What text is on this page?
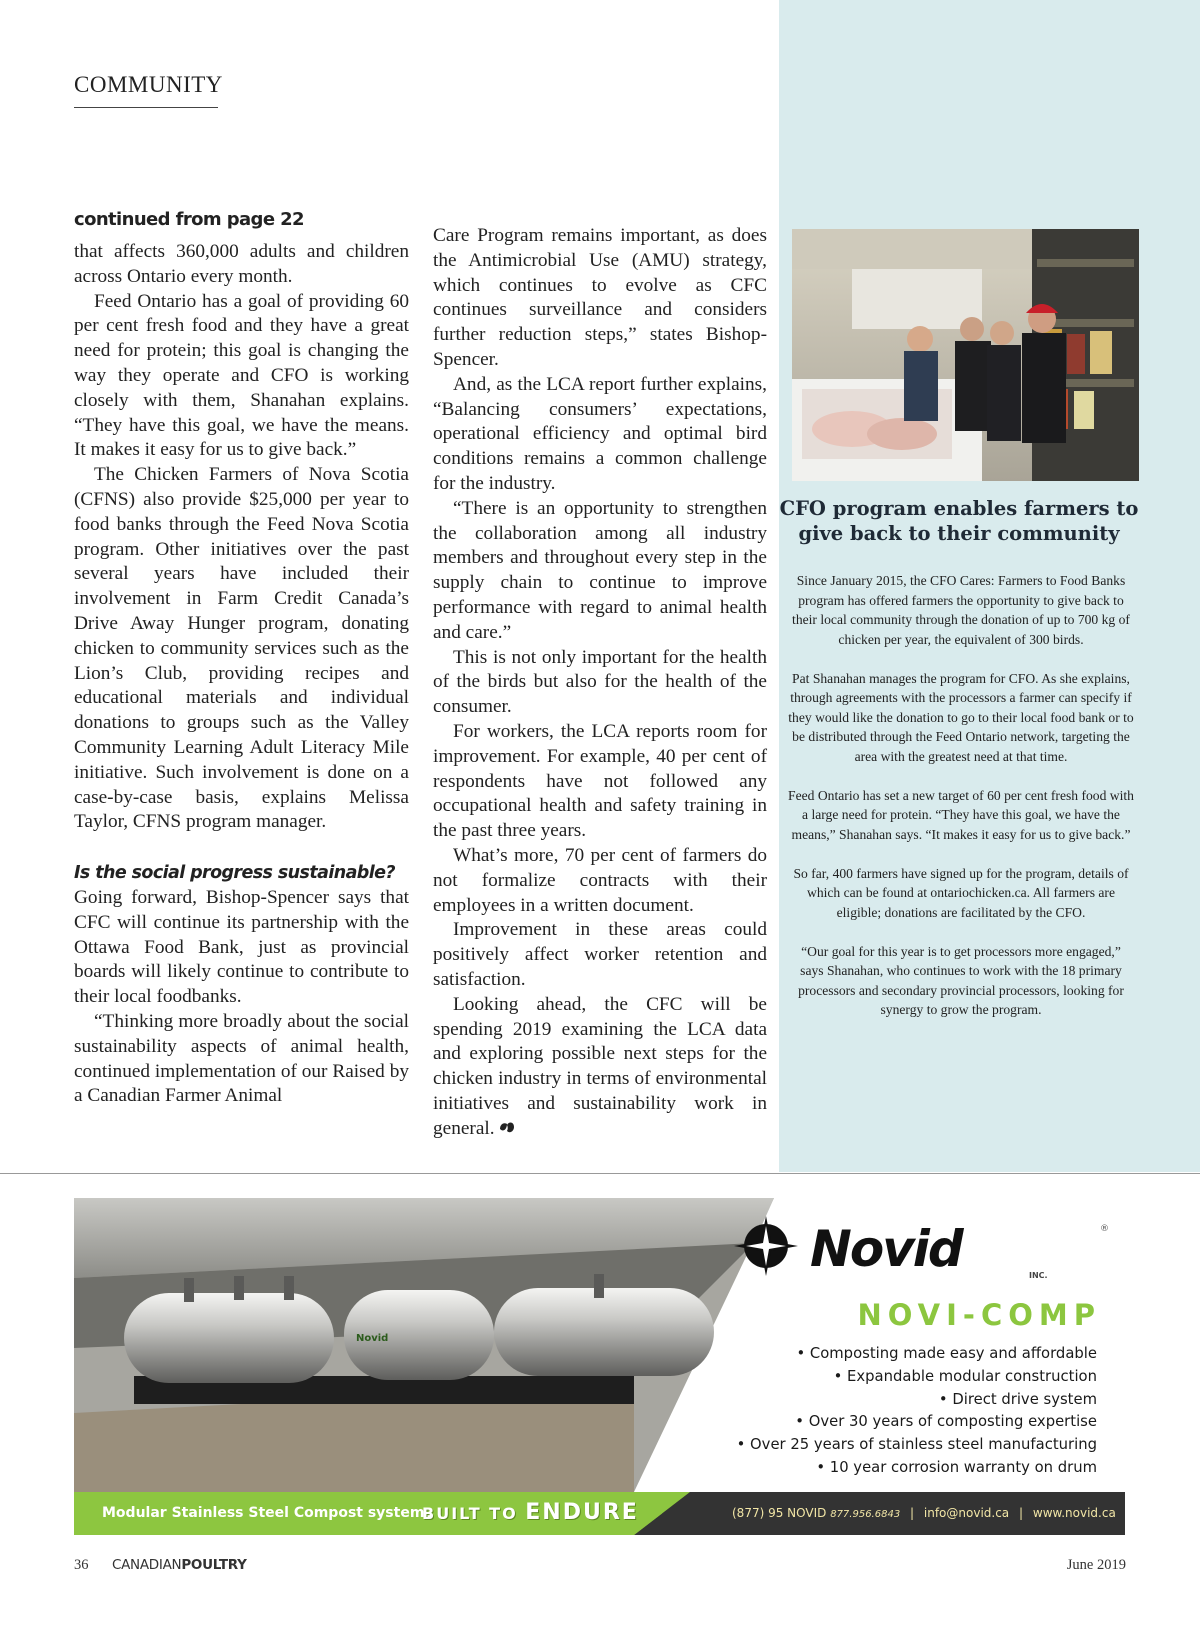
COMMUNITY

continued from page 22

that affects 360,000 adults and children across Ontario every month.

Feed Ontario has a goal of providing 60 per cent fresh food and they have a great need for protein; this goal is changing the way they operate and CFO is working closely with them, Shanahan explains. “They have this goal, we have the means. It makes it easy for us to give back.”

The Chicken Farmers of Nova Scotia (CFNS) also provide $25,000 per year to food banks through the Feed Nova Scotia program. Other initiatives over the past several years have included their involvement in Farm Credit Canada’s Drive Away Hunger program, donating chicken to community services such as the Lion’s Club, providing recipes and educational materials and individual donations to groups such as the Valley Community Learning Adult Literacy Mile initiative. Such involvement is done on a case-by-case basis, explains Melissa Taylor, CFNS program manager.

Is the social progress sustainable?

Going forward, Bishop-Spencer says that CFC will continue its partnership with the Ottawa Food Bank, just as provincial boards will likely continue to contribute to their local foodbanks.

“Thinking more broadly about the social sustainability aspects of animal health, continued implementation of our Raised by a Canadian Farmer Animal

Care Program remains important, as does the Antimicrobial Use (AMU) strategy, which continues to evolve as CFC continues surveillance and considers further reduction steps,” states Bishop-Spencer.

And, as the LCA report further explains, “Balancing consumers’ expectations, operational efficiency and optimal bird conditions remains a common challenge for the industry.

“There is an opportunity to strengthen the collaboration among all industry members and throughout every step in the supply chain to continue to improve performance with regard to animal health and care.”

This is not only important for the health of the birds but also for the health of the consumer.

For workers, the LCA reports room for improvement. For example, 40 per cent of respondents have not followed any occupational health and safety training in the past three years.

What’s more, 70 per cent of farmers do not formalize contracts with their employees in a written document.

Improvement in these areas could positively affect worker retention and satisfaction.

Looking ahead, the CFC will be spending 2019 examining the LCA data and exploring possible next steps for the chicken industry in terms of environmental initiatives and sustainability work in general.

CFO program enables farmers to give back to their community

Since January 2015, the CFO Cares: Farmers to Food Banks program has offered farmers the opportunity to give back to their local community through the donation of up to 700 kg of chicken per year, the equivalent of 300 birds.

Pat Shanahan manages the program for CFO. As she explains, through agreements with the processors a farmer can specify if they would like the donation to go to their local food bank or to be distributed through the Feed Ontario network, targeting the area with the greatest need at that time.

Feed Ontario has set a new target of 60 per cent fresh food with a large need for protein. “They have this goal, we have the means,” Shanahan says. “It makes it easy for us to give back.”

So far, 400 farmers have signed up for the program, details of which can be found at ontariochicken.ca. All farmers are eligible; donations are facilitated by the CFO.

“Our goal for this year is to get processors more engaged,” says Shanahan, who continues to work with the 18 primary processors and secondary provincial processors, looking for synergy to grow the program.

Novid
Novid	INC.
®
NOVI-COMP
• Composting made easy and affordable
• Expandable modular construction
• Direct drive system
• Over 30 years of composting expertise
• Over 25 years of stainless steel manufacturing
• 10 year corrosion warranty on drum
Modular Stainless Steel Compost systems
BUILT TO ENDURE	(877) 95 NOVID 877.956.6843 | info@novid.ca | www.novid.ca
36 CANADIANPOULTRY	June 2019
